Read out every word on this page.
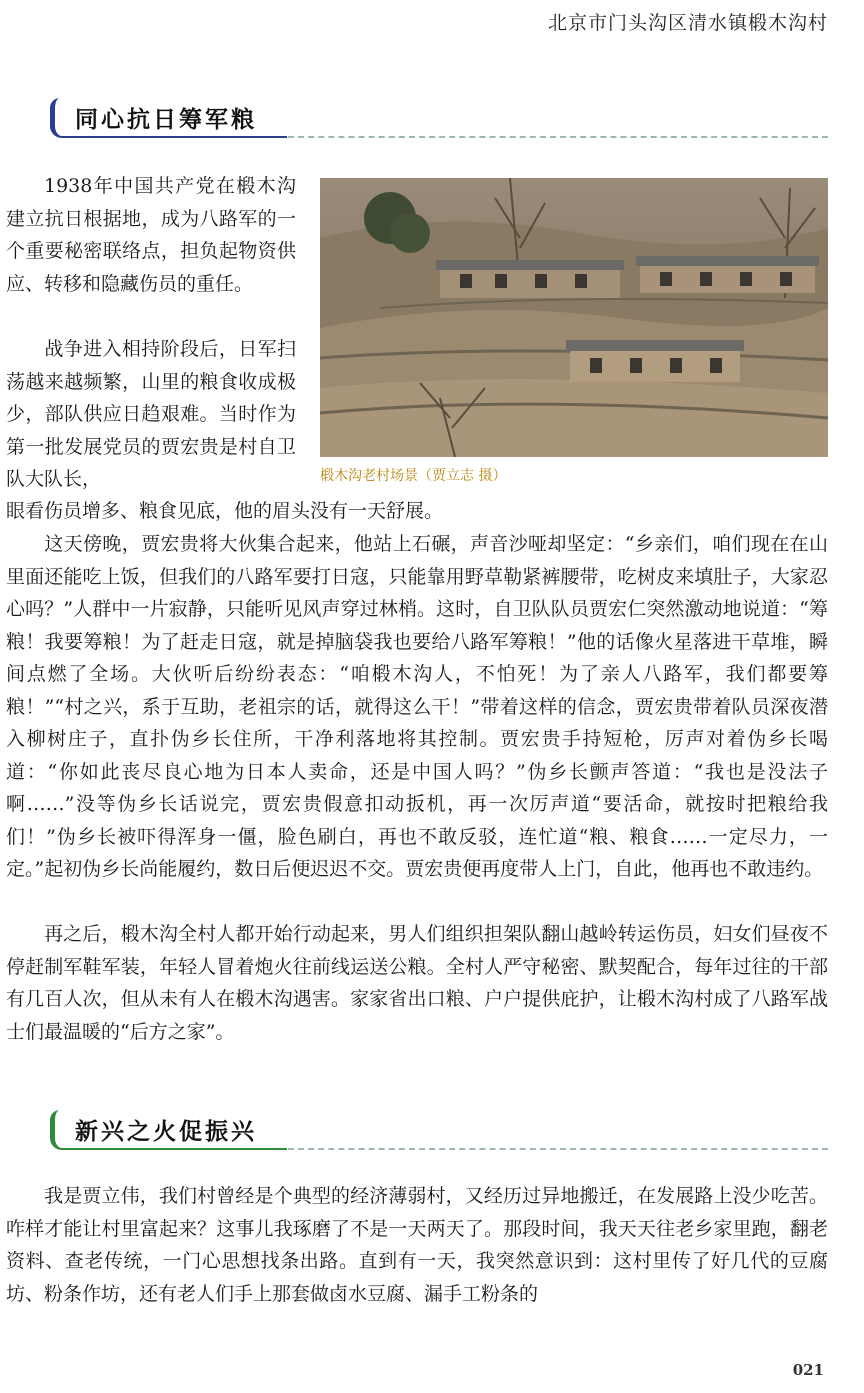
北京市门头沟区清水镇椴木沟村
同心抗日筹军粮

1938年中国共产党在椴木沟建立抗日根据地，成为八路军的一个重要秘密联络点，担负起物资供应、转移和隐藏伤员的重任。

战争进入相持阶段后，日军扫荡越来越频繁，山里的粮食收成极少，部队供应日趋艰难。当时作为第一批发展党员的贾宏贵是村自卫队大队长，

眼看伤员增多、粮食见底，他的眉头没有一天舒展。

椴木沟老村场景（贾立志 摄）

这天傍晚，贾宏贵将大伙集合起来，他站上石碾，声音沙哑却坚定：“乡亲们，咱们现在在山里面还能吃上饭，但我们的八路军要打日寇，只能靠用野草勒紧裤腰带，吃树皮来填肚子，大家忍心吗？”人群中一片寂静，只能听见风声穿过林梢。这时，自卫队队员贾宏仁突然激动地说道：“筹粮！我要筹粮！为了赶走日寇，就是掉脑袋我也要给八路军筹粮！”他的话像火星落进干草堆，瞬间点燃了全场。大伙听后纷纷表态：“咱椴木沟人，不怕死！为了亲人八路军，我们都要筹粮！”“村之兴，系于互助，老祖宗的话，就得这么干！”带着这样的信念，贾宏贵带着队员深夜潜入柳树庄子，直扑伪乡长住所，干净利落地将其控制。贾宏贵手持短枪，厉声对着伪乡长喝道：“你如此丧尽良心地为日本人卖命，还是中国人吗？”伪乡长颤声答道：“我也是没法子啊……”没等伪乡长话说完，贾宏贵假意扣动扳机，再一次厉声道“要活命，就按时把粮给我们！”伪乡长被吓得浑身一僵，脸色刷白，再也不敢反驳，连忙道“粮、粮食……一定尽力，一定。”起初伪乡长尚能履约，数日后便迟迟不交。贾宏贵便再度带人上门，自此，他再也不敢违约。

再之后，椴木沟全村人都开始行动起来，男人们组织担架队翻山越岭转运伤员，妇女们昼夜不停赶制军鞋军装，年轻人冒着炮火往前线运送公粮。全村人严守秘密、默契配合，每年过往的干部有几百人次，但从未有人在椴木沟遇害。家家省出口粮、户户提供庇护，让椴木沟村成了八路军战士们最温暖的“后方之家”。

新兴之火促振兴

我是贾立伟，我们村曾经是个典型的经济薄弱村，又经历过异地搬迁，在发展路上没少吃苦。咋样才能让村里富起来？这事儿我琢磨了不是一天两天了。那段时间，我天天往老乡家里跑，翻老资料、查老传统，一门心思想找条出路。直到有一天，我突然意识到：这村里传了好几代的豆腐坊、粉条作坊，还有老人们手上那套做卤水豆腐、漏手工粉条的

021
